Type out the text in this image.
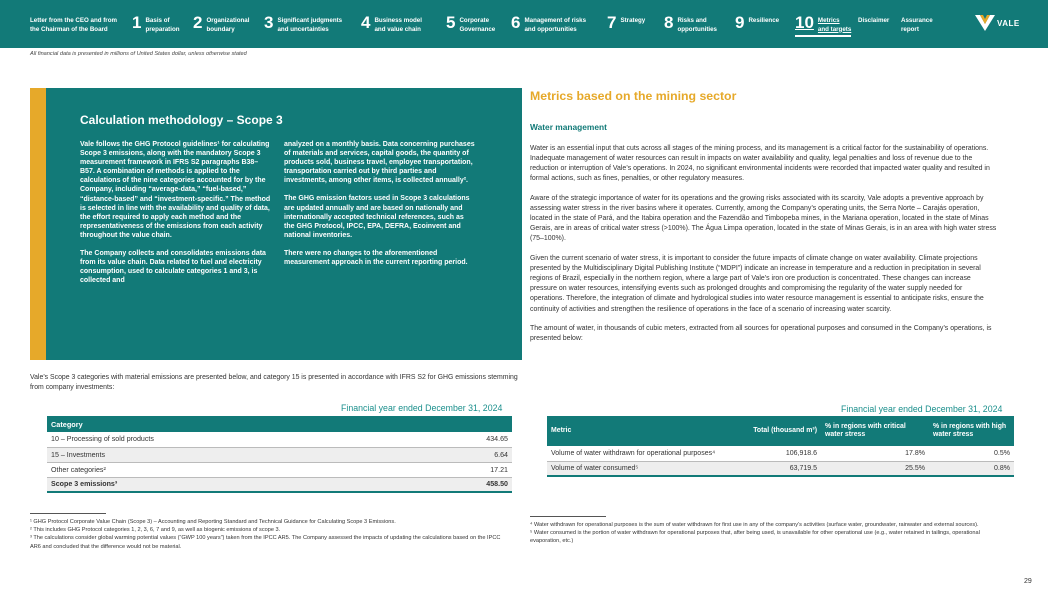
Letter from the CEO and from
the Chairman of the Board	1 Basis of
preparation 2 Organizational
boundary	3 Significant judgments
and uncertainties	4 Business model
and value chain 5 Corporate
Governance 6 Management of risks
and opportunities	7 Strategy 8 Risks and
opportunities 9 Resilience 10 Metrics
and targets
Disclaimer Assurance
report
VALE
All financial data is presented in millions of United States dollar, unless otherwise stated
Calculation methodology – Scope 3

Vale follows the GHG Protocol guidelines¹ for calculating Scope 3 emissions, along with the mandatory Scope 3 measurement framework in IFRS S2 paragraphs B38–B57. A combination of methods is applied to the calculations of the nine categories accounted for by the Company, including “average-data,” “fuel-based,” “distance-based” and “investment-specific.” The method is selected in line with the availability and quality of data, the effort required to apply each method and the representativeness of the emissions from each activity throughout the value chain.

The Company collects and consolidates emissions data from its value chain. Data related to fuel and electricity consumption, used to calculate categories 1 and 3, is collected and

analyzed on a monthly basis. Data concerning purchases of materials and services, capital goods, the quantity of products sold, business travel, employee transportation, transportation carried out by third parties and investments, among other items, is collected annually².

The GHG emission factors used in Scope 3 calculations are updated annually and are based on nationally and internationally accepted technical references, such as the GHG Protocol, IPCC, EPA, DEFRA, Ecoinvent and national inventories.

There were no changes to the aforementioned measurement approach in the current reporting period.

Vale’s Scope 3 categories with material emissions are presented below, and category 15 is presented in accordance with IFRS S2 for GHG emissions stemming from company investments:
Financial year ended December 31, 2024
Category	
10 – Processing of sold products	434.65
15 – Investments	6.64
Other categories²	17.21
Scope 3 emissions³	458.50
¹ GHG Protocol Corporate Value Chain (Scope 3) – Accounting and Reporting Standard and Technical Guidance for Calculating Scope 3 Emissions.
² This includes GHG Protocol categories 1, 2, 3, 6, 7 and 9, as well as biogenic emissions of scope 3.
³ The calculations consider global warming potential values (“GWP 100 years”) taken from the IPCC AR5. The Company assessed the impacts of updating the calculations based on the IPCC AR6 and concluded that the difference would not be material.
Metrics based on the mining sector
Water management

Water is an essential input that cuts across all stages of the mining process, and its management is a critical factor for the sustainability of operations. Inadequate management of water resources can result in impacts on water availability and quality, legal penalties and loss of revenue due to the reduction or interruption of Vale’s operations. In 2024, no significant environmental incidents were recorded that impacted water quality and resulted in formal actions, such as fines, penalties, or other regulatory measures.

Aware of the strategic importance of water for its operations and the growing risks associated with its scarcity, Vale adopts a preventive approach by assessing water stress in the river basins where it operates. Currently, among the Company’s operating units, the Serra Norte – Carajás operation, located in the state of Pará, and the Itabira operation and the Fazendão and Timbopeba mines, in the Mariana operation, located in the state of Minas Gerais, are in areas of critical water stress (>100%). The Água Limpa operation, located in the state of Minas Gerais, is in an area with high water stress (75–100%).

Given the current scenario of water stress, it is important to consider the future impacts of climate change on water availability. Climate projections presented by the Multidisciplinary Digital Publishing Institute (“MDPI”) indicate an increase in temperature and a reduction in precipitation in several regions of Brazil, especially in the northern region, where a large part of Vale’s iron ore production is concentrated. These changes can increase pressure on water resources, intensifying events such as prolonged droughts and compromising the regularity of the water supply needed for operations. Therefore, the integration of climate and hydrological studies into water resource management is essential to anticipate risks, ensure the continuity of activities and strengthen the resilience of operations in the face of a scenario of increasing water scarcity.

The amount of water, in thousands of cubic meters, extracted from all sources for operational purposes and consumed in the Company’s operations, is presented below:

Financial year ended December 31, 2024
Metric	Total (thousand m³)	% in regions with critical water stress	% in regions with high water stress
Volume of water withdrawn for operational purposes⁴	106,918.6	17.8%	0.5%
Volume of water consumed⁵	63,719.5	25.5%	0.8%
⁴ Water withdrawn for operational purposes is the sum of water withdrawn for first use in any of the company’s activities (surface water, groundwater, rainwater and external sources).
⁵ Water consumed is the portion of water withdrawn for operational purposes that, after being used, is unavailable for other operational use (e.g., water retained in tailings, operational evaporation, etc.)
29
